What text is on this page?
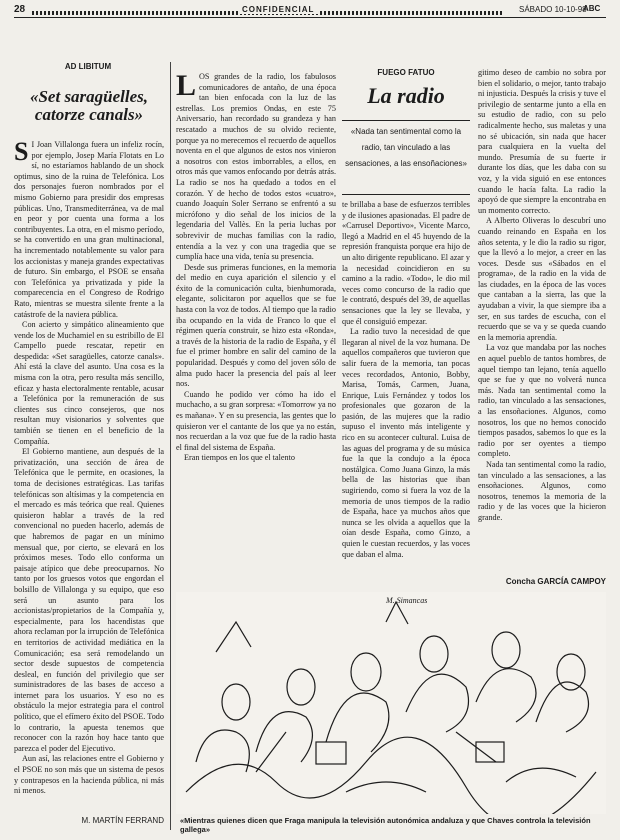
28	CONFIDENCIAL	SÁBADO 10-10-98
ABC
AD LIBITUM
«Set saragüelles, catorze canals»
S I Joan Villalonga fuera un infeliz rocín, por ejemplo, Josep María Flotats en Lo sí, no estaríamos hablando de un shock optimus, sino de la ruina de Telefónica. Los dos personajes fueron nombrados por el mismo Gobierno para presidir dos empresas públicas. Uno, Transmediterránea, va de mal en peor y por cuenta una forma a los contribuyentes. La otra, en el mismo período, se ha convertido en una gran multinacional, ha incrementado notablemente su valor para los accionistas y maneja grandes expectativas de futuro. Sin embargo, el PSOE se ensaña con Telefónica ya privatizada y pide la comparecencia en el Congreso de Rodrigo Rato, mientras se muestra silente frente a la catástrofe de la naviera pública.

Con acierto y simpático alineamiento que vende los de Muchamiel en su estribillo de El Campello puede rescatar, repetir en despedida: «Set saragüelles, catorze canals». Ahí está la clave del asunto. Una cosa es la misma con la otra, pero resulta más sencillo, eficaz y hasta electoralmente rentable, acusar a Telefónica por la remuneración de sus clientes sus cinco consejeros, que nos resultan muy visionarios y solventes que también se tienen en el beneficio de la Compañía.

El Gobierno mantiene, aun después de la privatización, una sección de área de Telefónica que le permite, en ocasiones, la toma de decisiones estratégicas. Las tarifas telefónicas son altísimas y la competencia en el mercado es más teórica que real. Quienes quisieron hablar a través de la red convencional no pueden hacerlo, además de que habremos de pagar en un mínimo mensual que, por cierto, se elevará en los próximos meses. Todo ello conforma un paisaje atípico que debe preocuparnos. No tanto por los gruesos votos que engordan el bolsillo de Villalonga y su equipo, que eso será un asunto para los accionistas/propietarios de la Compañía y, especialmente, para los hacendistas que ahora reclaman por la irrupción de Telefónica en territorios de actividad mediática en la Comunicación; esa será remodelando un sector desde supuestos de competencia desleal, en función del privilegio que ser suministradores de las bases de acceso a internet para los usuarios. Y eso no es obstáculo la mejor estrategia para el control político, que el efímero éxito del PSOE. Todo lo contrario, la apuesta tenemos que reconocer con la razón hoy hace tanto que parezca el poder del Ejecutivo.

Aun así, las relaciones entre el Gobierno y el PSOE no son más que un sistema de pesos y contrapesos en la hacienda pública, ni más ni menos.

M. MARTÍN FERRAND
L OS grandes de la radio, los fabulosos comunicadores de antaño, de una época tan bien enfocada con la luz de las estrellas. Los premios Ondas, en este 75 Aniversario, han recordado su grandeza y han rescatado a muchos de su olvido reciente, porque ya no merecemos el recuerdo de aquellos noventa en el que algunos de estos nos vinieron a nosotros con estos imborrables, a ellos, en otros más que vamos enfocando por detrás atrás. La radio se nos ha quedado a todos en el corazón. Y de hecho de todos estos «cuatro», cuando Joaquín Soler Serrano se enfrentó a su micrófono y dio señal de los inicios de la legendaria del Vallès. En la peria luchas por sobrevivir de muchas familias con la radio, entendía a la vez y con una tragedia que se cumplía hace una vida, tenía su presencia.

Desde sus primeras funciones, en la memoria del medio en cuya aparición el silencio y el éxito de la comunicación culta, bienhumorada, elegante, solicitaron por aquellos que se fue hasta con la voz de todos. Al tiempo que la radio iba ocupando en la vida de Franco lo que el régimen quería construir, se hizo esta «Ronda», a través de la historia de la radio de España, y él fue el primer hombre en salir del camino de la popularidad. Después y como del joven sólo de alma pudo hacer la presencia del país al leer nos.

Cuando he podido ver cómo ha ido el muchacho, a su gran sorpresa: «Tomorrow ya no es mañana». Y en su presencia, las gentes que lo quisieron ver el cantante de los que ya no están, nos recuerdan a la voz que fue de la radio hasta el final del sistema de España.

Eran tiempos en los que el talento

FUEGO FATUO
La radio
«Nada tan sentimental como la radio, tan vinculado a las sensaciones, a las ensoñaciones»

te brillaba a base de esfuerzos terribles y de ilusiones apasionadas. El padre de «Carrusel Deportivo», Vicente Marco, llegó a Madrid en el 45 huyendo de la represión franquista porque era hijo de un alto dirigente republicano. El azar y la necesidad coincidieron en su camino a la radio. «Todo», le dio mil veces como concurso de la radio que le contrató, después del 39, de aquellas sensaciones que la ley se llevaba, y que él consiguió empezar.

La radio tuvo la necesidad de que llegaran al nivel de la voz humana. De aquellos compañeros que tuvieron que salir fuera de la memoria, tan pocas veces recordados, Antonio, Bobby, Marisa, Tomás, Carmen, Juana, Enrique, Luis Fernández y todos los profesionales que gozaron de la pasión, de las mujeres que la radio supuso el invento más inteligente y rico en su acontecer cultural. Luisa de las aguas del programa y de su música fue la que la condujo a la época nostálgica. Como Juana Ginzo, la más bella de las historias que iban sugiriendo, como si fuera la voz de la memoria de unos tiempos de la radio de España, hace ya muchos años que nunca se les olvida a aquellos que la oían desde España, como Ginzo, a quien le cuestan recuerdos, y las voces que daban el alma.

gitimo deseo de cambio no sobra por bien el solidario, o mejor, tanto trabajo ni injusticia. Después la crisis y tuve el privilegio de sentarme junto a ella en su estudio de radio, con su pelo radicalmente hecho, sus maletas y una no sé ubicación, sin nada que hacer para cualquiera en la vuelta del mundo. Presumía de su fuerte ir durante los días, que les daba con su voz, y la vida siguió en ese entonces cuando le hacía falta. La radio la apoyó de que siempre la encontraba en un momento correcto.

A Alberto Oliveras lo descubrí uno cuando reinando en España en los años setenta, y le dio la radio su rigor, que la llevó a lo mejor, a creer en las voces. Desde sus «Sábados en el programa», de la radio en la vida de las ciudades, en la época de las voces que cantaban a la sierra, las que la ayudaban a vivir, la que siempre iba a ser, en sus tardes de escucha, con el recuerdo que se va y se queda cuando en la memoria aprendía.

La voz que mandaba por las noches en aquel pueblo de tantos hombres, de aquel tiempo tan lejano, tenía aquello que se fue y que no volverá nunca más. Nada tan sentimental como la radio, tan vinculado a las sensaciones, a las ensoñaciones. Algunos, como nosotros, los que no hemos conocido tiempos pasados, sabemos lo que es la radio por ser oyentes a tiempo completo.

Nada tan sentimental como la radio, tan vinculado a las sensaciones, a las ensoñaciones. Algunos, como nosotros, tenemos la memoria de la radio y de las voces que la hicieron grande.

Concha GARCÍA CAMPOY
M. Simancas
«Mientras quienes dicen que Fraga manipula la televisión autonómica andaluza y que Chaves controla la televisión gallega»
